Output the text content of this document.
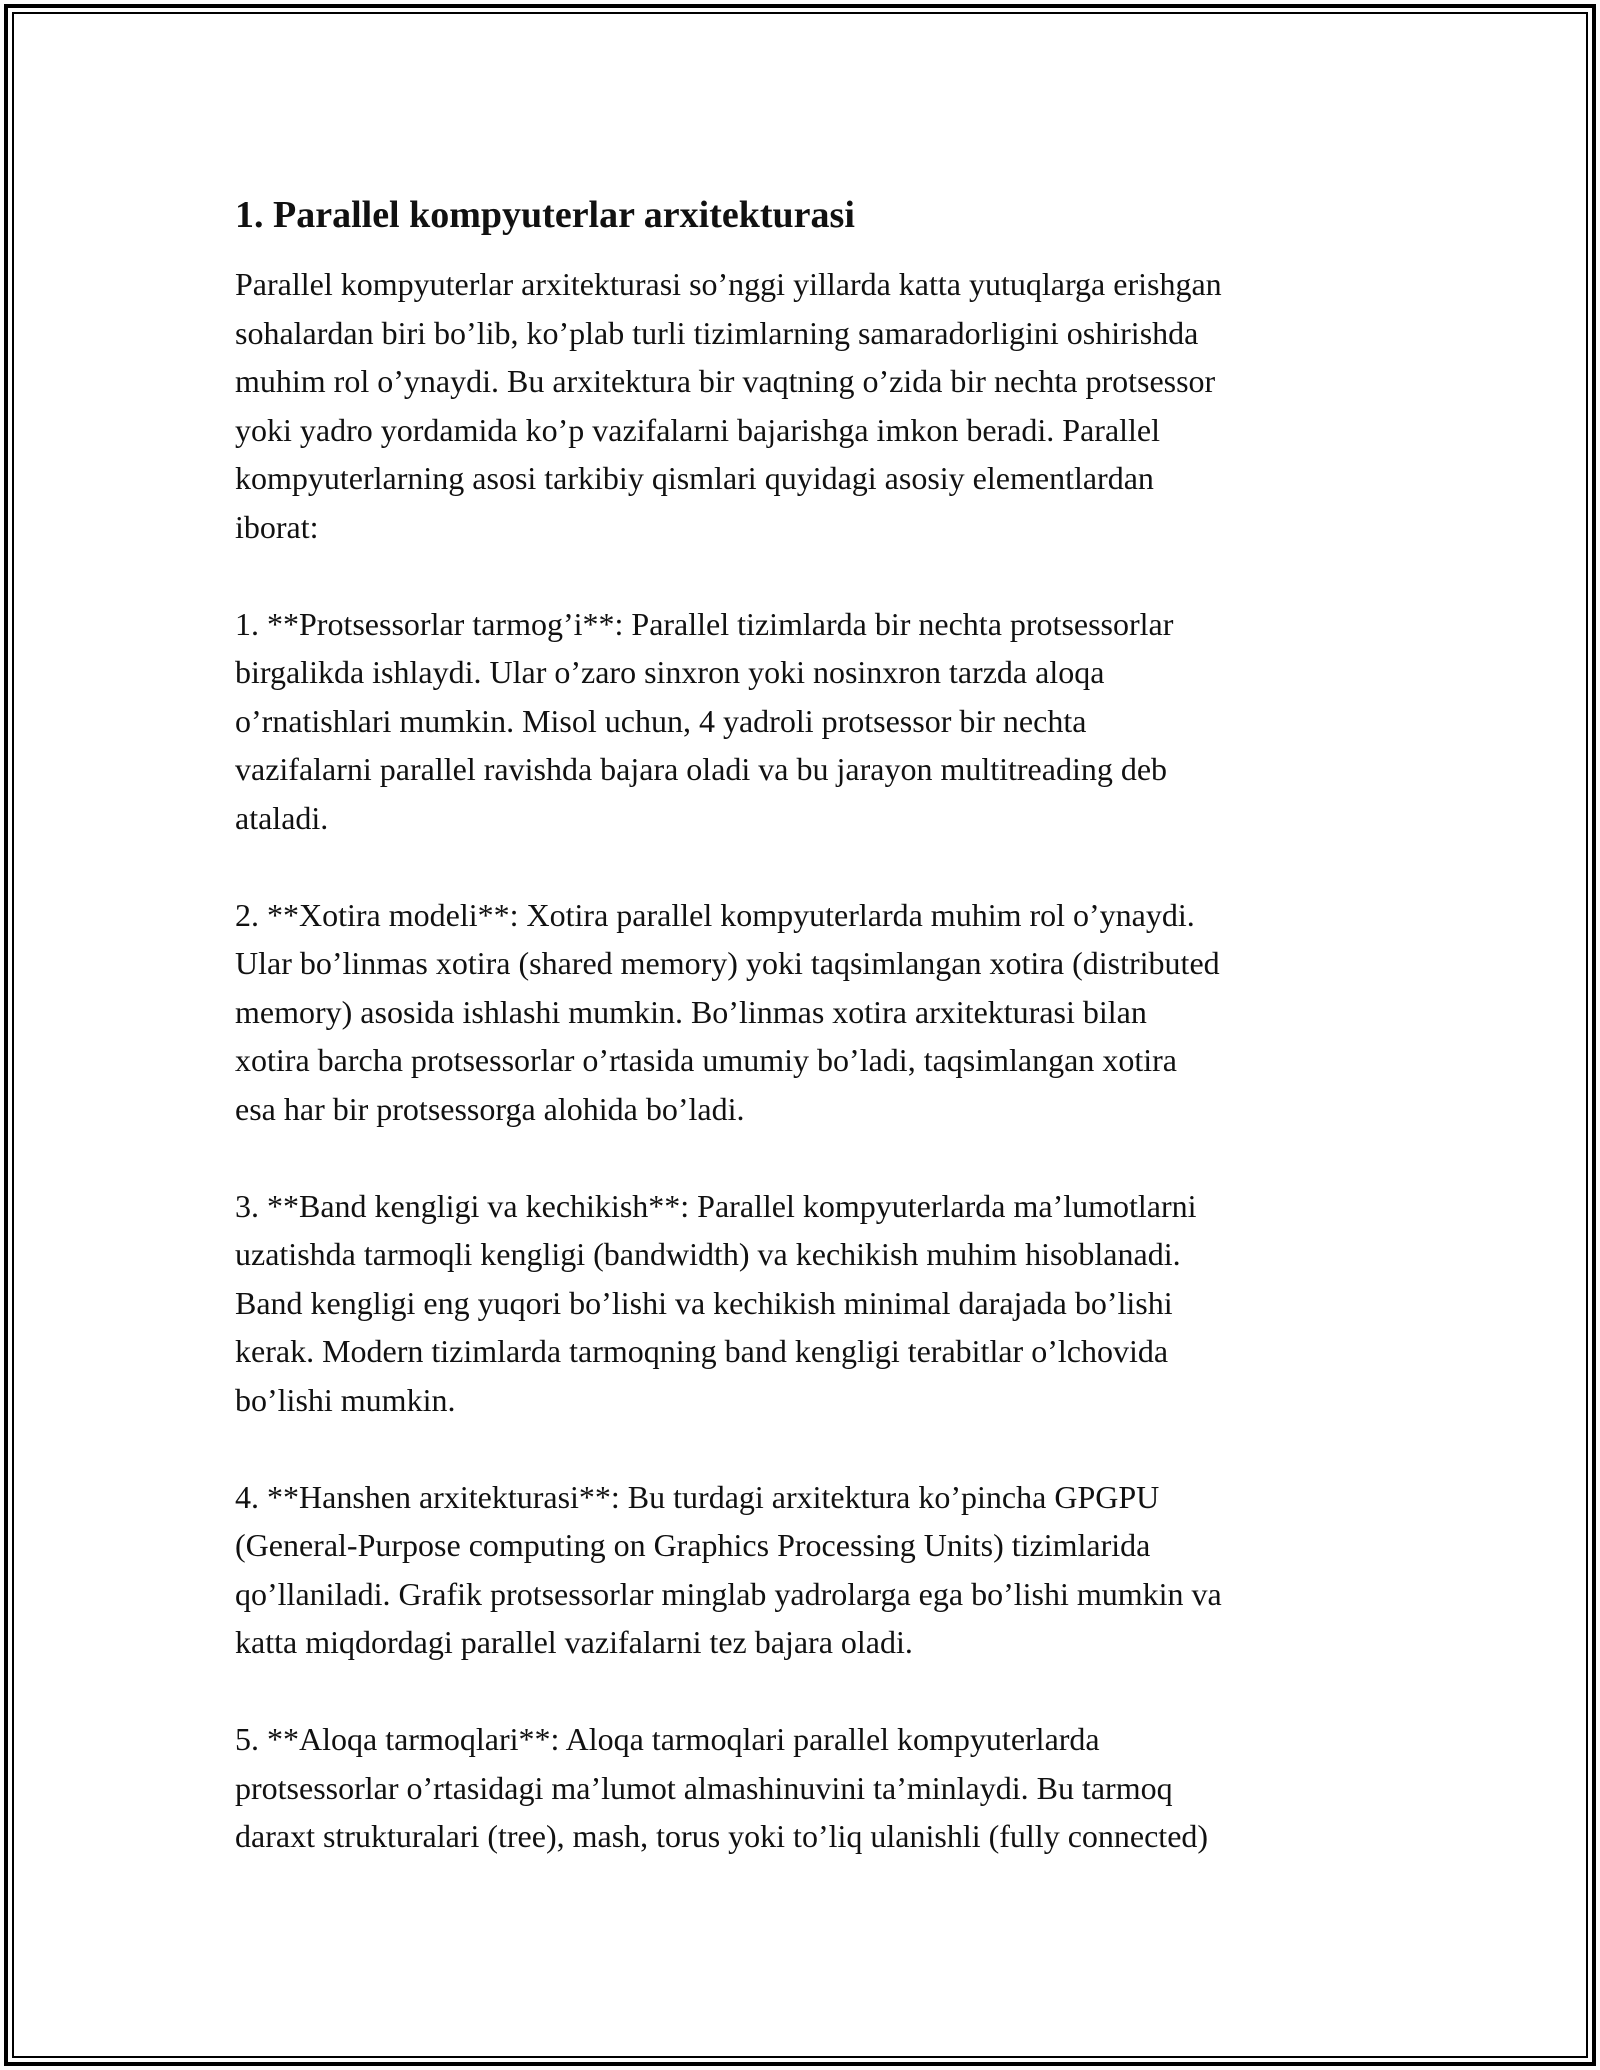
1. Parallel kompyuterlar arxitekturasi
Parallel kompyuterlar arxitekturasi so’nggi yillarda katta yutuqlarga erishgan
sohalardan biri bo’lib, ko’plab turli tizimlarning samaradorligini oshirishda
muhim rol o’ynaydi. Bu arxitektura bir vaqtning o’zida bir nechta protsessor
yoki yadro yordamida ko’p vazifalarni bajarishga imkon beradi. Parallel
kompyuterlarning asosi tarkibiy qismlari quyidagi asosiy elementlardan
iborat:
1. **Protsessorlar tarmog’i**: Parallel tizimlarda bir nechta protsessorlar
birgalikda ishlaydi. Ular o’zaro sinxron yoki nosinxron tarzda aloqa
o’rnatishlari mumkin. Misol uchun, 4 yadroli protsessor bir nechta
vazifalarni parallel ravishda bajara oladi va bu jarayon multitreading deb
ataladi.
2. **Xotira modeli**: Xotira parallel kompyuterlarda muhim rol o’ynaydi.
Ular bo’linmas xotira (shared memory) yoki taqsimlangan xotira (distributed
memory) asosida ishlashi mumkin. Bo’linmas xotira arxitekturasi bilan
xotira barcha protsessorlar o’rtasida umumiy bo’ladi, taqsimlangan xotira
esa har bir protsessorga alohida bo’ladi.
3. **Band kengligi va kechikish**: Parallel kompyuterlarda ma’lumotlarni
uzatishda tarmoqli kengligi (bandwidth) va kechikish muhim hisoblanadi.
Band kengligi eng yuqori bo’lishi va kechikish minimal darajada bo’lishi
kerak. Modern tizimlarda tarmoqning band kengligi terabitlar o’lchovida
bo’lishi mumkin.
4. **Hanshen arxitekturasi**: Bu turdagi arxitektura ko’pincha GPGPU
(General-Purpose computing on Graphics Processing Units) tizimlarida
qo’llaniladi. Grafik protsessorlar minglab yadrolarga ega bo’lishi mumkin va
katta miqdordagi parallel vazifalarni tez bajara oladi.
5. **Aloqa tarmoqlari**: Aloqa tarmoqlari parallel kompyuterlarda
protsessorlar o’rtasidagi ma’lumot almashinuvini ta’minlaydi. Bu tarmoq
daraxt strukturalari (tree), mash, torus yoki to’liq ulanishli (fully connected)
